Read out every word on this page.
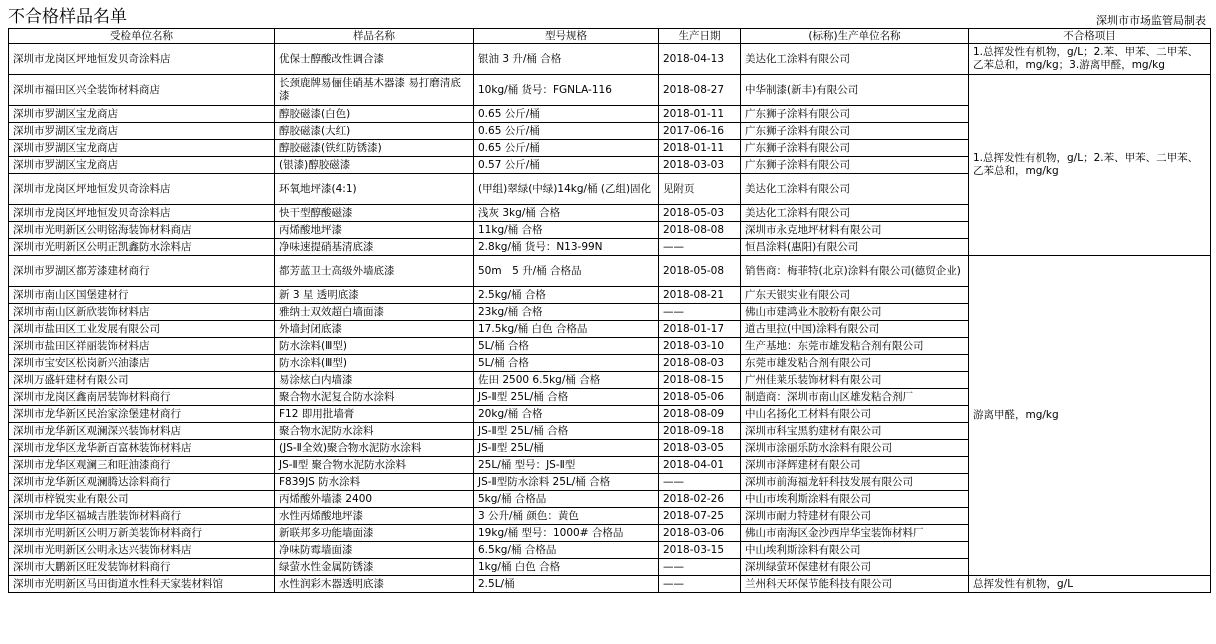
不合格样品名单	深圳市市场监管局制表
受检单位名称	样品名称	型号规格	生产日期	(标称)生产单位名称	不合格项目
深圳市龙岗区坪地恒发贝奇涂料店	优保士醇酸改性调合漆	银油 3 升/桶 合格	2018-04-13	美达化工涂料有限公司	1.总挥发性有机物，g/L；2.苯、甲苯、二甲苯、乙苯总和，mg/kg；3.游离甲醛，mg/kg
深圳市福田区兴全装饰材料商店	长颈鹿牌易俪佳硝基木器漆 易打磨清底漆	10kg/桶 货号：FGNLA-116	2018-08-27	中华制漆(新丰)有限公司	1.总挥发性有机物，g/L；2.苯、甲苯、二甲苯、乙苯总和，mg/kg
深圳市罗湖区宝龙商店	醇胶磁漆(白色)	0.65 公斤/桶	2018-01-11	广东狮子涂料有限公司	
深圳市罗湖区宝龙商店	醇胶磁漆(大红)	0.65 公斤/桶	2017-06-16	广东狮子涂料有限公司	
深圳市罗湖区宝龙商店	醇胶磁漆(铁红防锈漆)	0.65 公斤/桶	2018-01-11	广东狮子涂料有限公司	
深圳市罗湖区宝龙商店	(银漆)醇胶磁漆	0.57 公斤/桶	2018-03-03	广东狮子涂料有限公司	
深圳市龙岗区坪地恒发贝奇涂料店	环氧地坪漆(4:1)	(甲组)翠绿(中绿)14kg/桶 (乙组)固化	见附页	美达化工涂料有限公司	
深圳市龙岗区坪地恒发贝奇涂料店	快干型醇酸磁漆	浅灰 3kg/桶 合格	2018-05-03	美达化工涂料有限公司	
深圳市光明新区公明铭海装饰材料商店	丙烯酸地坪漆	11kg/桶 合格	2018-08-08	深圳市永克地坪材料有限公司	
深圳市光明新区公明正凯鑫防水涂料店	净味速提硝基清底漆	2.8kg/桶 货号：N13-99N	——	恒昌涂料(惠阳)有限公司	
深圳市罗湖区都芳漆建材商行	都芳蓝卫士高级外墙底漆	50m　5 升/桶 合格品	2018-05-08	销售商：梅菲特(北京)涂料有限公司(德贸企业)	游离甲醛，mg/kg
深圳市南山区国堡建材行	新 3 星 透明底漆	2.5kg/桶 合格	2018-08-21	广东天银实业有限公司	
深圳市南山区新欣装饰材料店	雅纳士双效超白墙面漆	23kg/桶 合格	——	佛山市建鸿业木胶粉有限公司	
深圳市盐田区工业发展有限公司	外墙封闭底漆	17.5kg/桶 白色 合格品	2018-01-17	道古里拉(中国)涂料有限公司	
深圳市盐田区祥丽装饰材料店	防水涂料(Ⅲ型)	5L/桶 合格	2018-03-10	生产基地：东莞市雄发粘合剂有限公司	
深圳市宝安区松岗新兴油漆店	防水涂料(Ⅲ型)	5L/桶 合格	2018-08-03	东莞市雄发粘合剂有限公司	
深圳万盛轩建材有限公司	易涂炫白内墙漆	佐田 2500 6.5kg/桶 合格	2018-08-15	广州佳莱乐装饰材料有限公司	
深圳市龙岗区鑫南居装饰材料商行	聚合物水泥复合防水涂料	JS-Ⅱ型 25L/桶 合格	2018-05-06	制造商：深圳市南山区雄发粘合剂厂	
深圳市龙华新区民治家涂堡建材商行	F12 即用批墙膏	20kg/桶 合格	2018-08-09	中山名扬化工材料有限公司	
深圳市龙华新区观澜深兴装饰材料店	聚合物水泥防水涂料	JS-Ⅱ型 25L/桶 合格	2018-09-18	深圳市科宝黑豹建材有限公司	
深圳市龙华区龙华新百富林装饰材料店	(JS-Ⅱ全效)聚合物水泥防水涂料	JS-Ⅱ型 25L/桶	2018-03-05	深圳市涂丽乐防水涂料有限公司	
深圳市龙华区观澜三和旺油漆商行	JS-Ⅱ型 聚合物水泥防水涂料	25L/桶 型号：JS-Ⅱ型	2018-04-01	深圳市泽辉建材有限公司	
深圳市龙华新区观澜腾达涂料商行	F839JS 防水涂料	JS-Ⅱ型防水涂料 25L/桶 合格	——	深圳市前海福龙轩科技发展有限公司	
深圳市梓锐实业有限公司	丙烯酸外墙漆 2400	5kg/桶 合格品	2018-02-26	中山市埃利斯涂料有限公司	
深圳市龙华区福城吉胜装饰材料商行	水性丙烯酸地坪漆	3 公升/桶 颜色：黄色	2018-07-25	深圳市耐力特建材有限公司	
深圳市光明新区公明万新美装饰材料商行	新联邦多功能墙面漆	19kg/桶 型号：1000# 合格品	2018-03-06	佛山市南海区金沙西岸华宝装饰材料厂	
深圳市光明新区公明永达兴装饰材料店	净味防霉墙面漆	6.5kg/桶 合格品	2018-03-15	中山埃利斯涂料有限公司	
深圳市大鹏新区旺发装饰材料商行	绿萤水性金属防锈漆	1kg/桶 白色 合格	——	深圳绿萤环保建材有限公司	
深圳市光明新区马田街道水性科天家装材料馆	水性润彩木器透明底漆	2.5L/桶	——	兰州科天环保节能科技有限公司	总挥发性有机物，g/L
